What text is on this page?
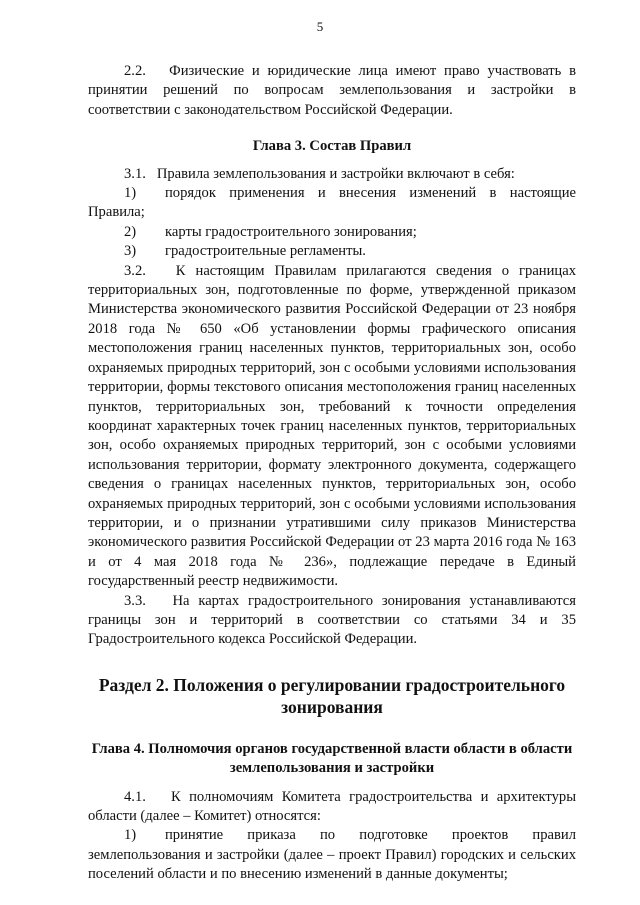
5

2.2.   Физические и юридические лица имеют право участвовать в принятии решений по вопросам землепользования и застройки в соответствии с законодательством Российской Федерации.

Глава 3. Состав Правил

3.1.   Правила землепользования и застройки включают в себя:

1) порядок применения и внесения изменений в настоящие Правила;

2) карты градостроительного зонирования;

3) градостроительные регламенты.

3.2.   К настоящим Правилам прилагаются сведения о границах территориальных зон, подготовленные по форме, утвержденной приказом Министерства экономического развития Российской Федерации от 23 ноября 2018 года № 650 «Об установлении формы графического описания местоположения границ населенных пунктов, территориальных зон, особо охраняемых природных территорий, зон с особыми условиями использования территории, формы текстового описания местоположения границ населенных пунктов, территориальных зон, требований к точности определения координат характерных точек границ населенных пунктов, территориальных зон, особо охраняемых природных территорий, зон с особыми условиями использования территории, формату электронного документа, содержащего сведения о границах населенных пунктов, территориальных зон, особо охраняемых природных территорий, зон с особыми условиями использования территории, и о признании утратившими силу приказов Министерства экономического развития Российской Федерации от 23 марта 2016 года № 163 и от 4 мая 2018 года № 236», подлежащие передаче в Единый государственный реестр недвижимости.

3.3.   На картах градостроительного зонирования устанавливаются границы зон и территорий в соответствии со статьями 34 и 35 Градостроительного кодекса Российской Федерации.

Раздел 2. Положения о регулировании градостроительного зонирования
Глава 4. Полномочия органов государственной власти области в области землепользования и застройки

4.1.   К полномочиям Комитета градостроительства и архитектуры области (далее – Комитет) относятся:

1) принятие приказа по подготовке проектов правил землепользования и застройки (далее – проект Правил) городских и сельских поселений области и по внесению изменений в данные документы;
